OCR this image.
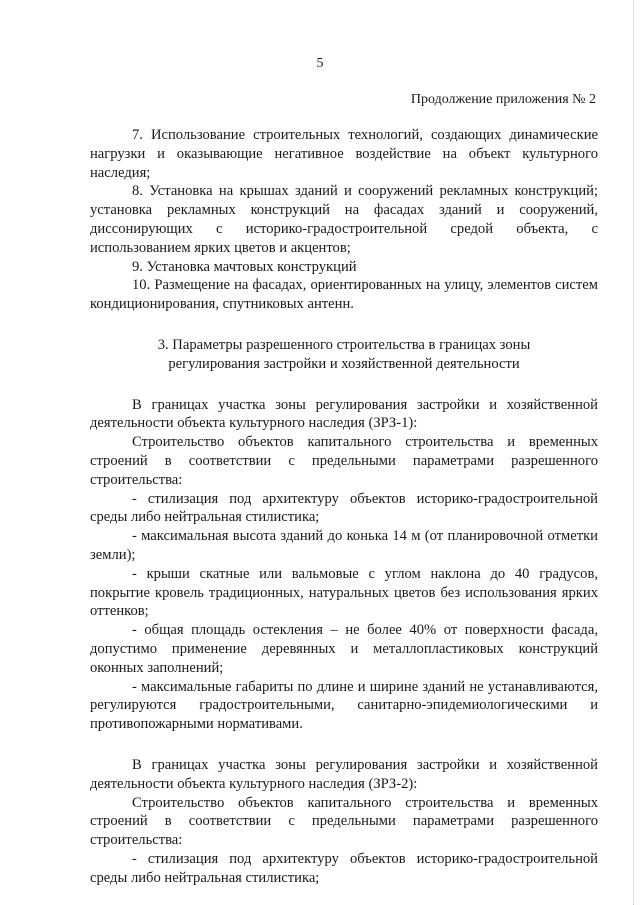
5
Продолжение приложения № 2

7. Использование строительных технологий, создающих динамические нагрузки и оказывающие негативное воздействие на объект культурного наследия;

8. Установка на крышах зданий и сооружений рекламных конструкций; установка рекламных конструкций на фасадах зданий и сооружений, диссонирующих с историко-градостроительной средой объекта, с использованием ярких цветов и акцентов;

9. Установка мачтовых конструкций

10. Размещение на фасадах, ориентированных на улицу, элементов систем кондиционирования, спутниковых антенн.

3. Параметры разрешенного строительства в границах зоны регулирования застройки и хозяйственной деятельности

В границах участка зоны регулирования застройки и хозяйственной деятельности объекта культурного наследия (ЗРЗ-1):

Строительство объектов капитального строительства и временных строений в соответствии с предельными параметрами разрешенного строительства:

- стилизация под архитектуру объектов историко-градостроительной среды либо нейтральная стилистика;

- максимальная высота зданий до конька 14 м (от планировочной отметки земли);

- крыши скатные или вальмовые с углом наклона до 40 градусов, покрытие кровель традиционных, натуральных цветов без использования ярких оттенков;

- общая площадь остекления – не более 40% от поверхности фасада, допустимо применение деревянных и металлопластиковых конструкций оконных заполнений;

- максимальные габариты по длине и ширине зданий не устанавливаются, регулируются градостроительными, санитарно-эпидемиологическими и противопожарными нормативами.

В границах участка зоны регулирования застройки и хозяйственной деятельности объекта культурного наследия (ЗРЗ-2):

Строительство объектов капитального строительства и временных строений в соответствии с предельными параметрами разрешенного строительства:

- стилизация под архитектуру объектов историко-градостроительной среды либо нейтральная стилистика;
